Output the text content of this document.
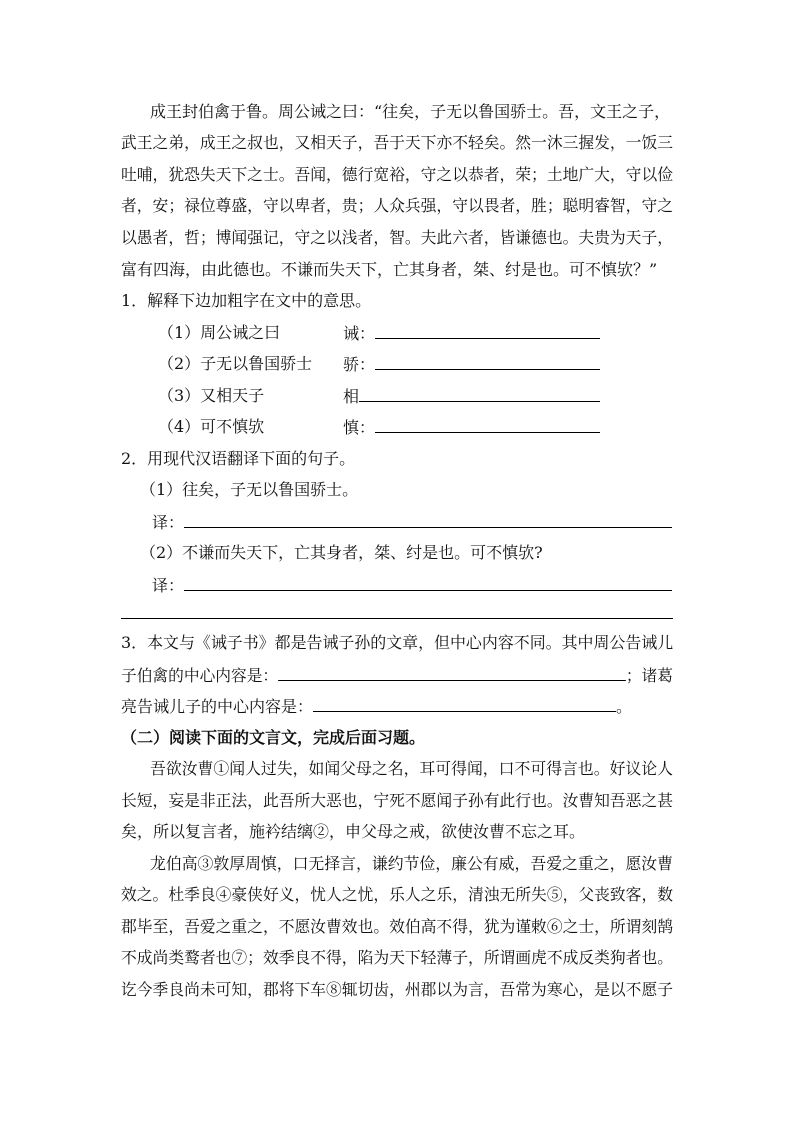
成王封伯禽于鲁。周公诫之曰：“往矣，子无以鲁国骄士。吾，文王之子，
武王之弟，成王之叔也，又相天子，吾于天下亦不轻矣。然一沐三握发，一饭三
吐哺，犹恐失天下之士。吾闻，德行宽裕，守之以恭者，荣；土地广大，守以俭
者，安；禄位尊盛，守以卑者，贵；人众兵强，守以畏者，胜；聪明睿智，守之
以愚者，哲；博闻强记，守之以浅者，智。夫此六者，皆谦德也。夫贵为天子，
富有四海，由此德也。不谦而失天下，亡其身者，桀、纣是也。可不慎欤？”
1．解释下边加粗字在文中的意思。
（1）周公诫之曰	诫：
（2）子无以鲁国骄士 骄：
（3）又相天子	相
（4）可不慎欤	慎：
2．用现代汉语翻译下面的句子。
（1）往矣，子无以鲁国骄士。
译：
（2）不谦而失天下，亡其身者，桀、纣是也。可不慎欤?
译：
3．本文与《诫子书》都是告诫子孙的文章，但中心内容不同。其中周公告诫儿
子伯禽的中心内容是：	；诸葛
亮告诫儿子的中心内容是：	。
（二）阅读下面的文言文，完成后面习题。
吾欲汝曹①闻人过失，如闻父母之名，耳可得闻，口不可得言也。好议论人
长短，妄是非正法，此吾所大恶也，宁死不愿闻子孙有此行也。汝曹知吾恶之甚
矣，所以复言者，施衿结缡②，申父母之戒，欲使汝曹不忘之耳。
龙伯高③敦厚周慎，口无择言，谦约节俭，廉公有威，吾爱之重之，愿汝曹
效之。杜季良④豪侠好义，忧人之忧，乐人之乐，清浊无所失⑤，父丧致客，数
郡毕至，吾爱之重之，不愿汝曹效也。效伯高不得，犹为谨敕⑥之士，所谓刻鹄
不成尚类鹜者也⑦；效季良不得，陷为天下轻薄子，所谓画虎不成反类狗者也。
讫今季良尚未可知，郡将下车⑧辄切齿，州郡以为言，吾常为寒心，是以不愿子
